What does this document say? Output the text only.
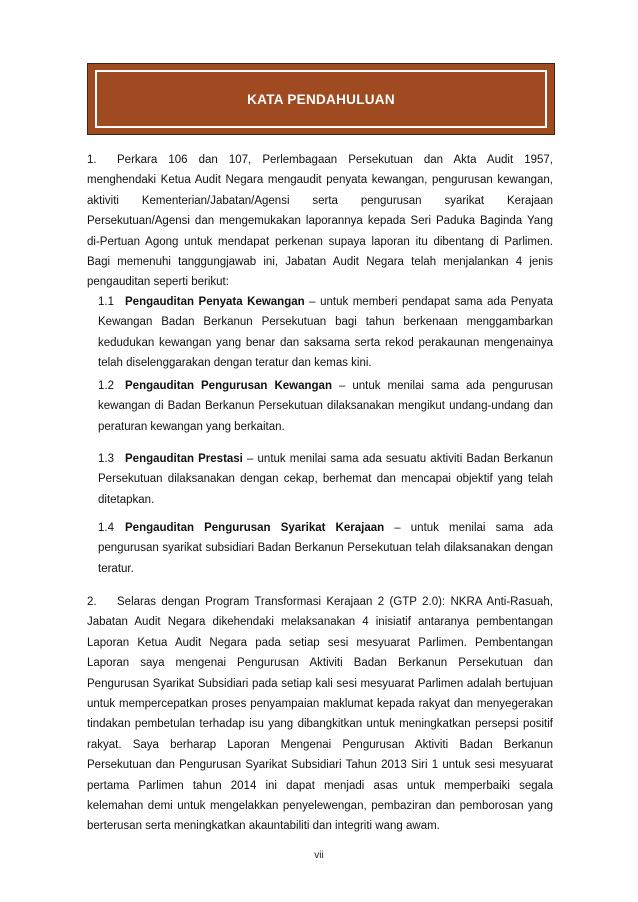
KATA PENDAHULUAN

1. Perkara 106 dan 107, Perlembagaan Persekutuan dan Akta Audit 1957, menghendaki Ketua Audit Negara mengaudit penyata kewangan, pengurusan kewangan, aktiviti Kementerian/Jabatan/Agensi serta pengurusan syarikat Kerajaan Persekutuan/Agensi dan mengemukakan laporannya kepada Seri Paduka Baginda Yang di-Pertuan Agong untuk mendapat perkenan supaya laporan itu dibentang di Parlimen. Bagi memenuhi tanggungjawab ini, Jabatan Audit Negara telah menjalankan 4 jenis pengauditan seperti berikut:

1.1 Pengauditan Penyata Kewangan – untuk memberi pendapat sama ada Penyata Kewangan Badan Berkanun Persekutuan bagi tahun berkenaan menggambarkan kedudukan kewangan yang benar dan saksama serta rekod perakaunan mengenainya telah diselenggarakan dengan teratur dan kemas kini.
1.2 Pengauditan Pengurusan Kewangan – untuk menilai sama ada pengurusan kewangan di Badan Berkanun Persekutuan dilaksanakan mengikut undang-undang dan peraturan kewangan yang berkaitan.
1.3 Pengauditan Prestasi – untuk menilai sama ada sesuatu aktiviti Badan Berkanun Persekutuan dilaksanakan dengan cekap, berhemat dan mencapai objektif yang telah ditetapkan.
1.4 Pengauditan Pengurusan Syarikat Kerajaan – untuk menilai sama ada pengurusan syarikat subsidiari Badan Berkanun Persekutuan telah dilaksanakan dengan teratur.

2. Selaras dengan Program Transformasi Kerajaan 2 (GTP 2.0): NKRA Anti-Rasuah, Jabatan Audit Negara dikehendaki melaksanakan 4 inisiatif antaranya pembentangan Laporan Ketua Audit Negara pada setiap sesi mesyuarat Parlimen. Pembentangan Laporan saya mengenai Pengurusan Aktiviti Badan Berkanun Persekutuan dan Pengurusan Syarikat Subsidiari pada setiap kali sesi mesyuarat Parlimen adalah bertujuan untuk mempercepatkan proses penyampaian maklumat kepada rakyat dan menyegerakan tindakan pembetulan terhadap isu yang dibangkitkan untuk meningkatkan persepsi positif rakyat. Saya berharap Laporan Mengenai Pengurusan Aktiviti Badan Berkanun Persekutuan dan Pengurusan Syarikat Subsidiari Tahun 2013 Siri 1 untuk sesi mesyuarat pertama Parlimen tahun 2014 ini dapat menjadi asas untuk memperbaiki segala kelemahan demi untuk mengelakkan penyelewengan, pembaziran dan pemborosan yang berterusan serta meningkatkan akauntabiliti dan integriti wang awam.

vii
